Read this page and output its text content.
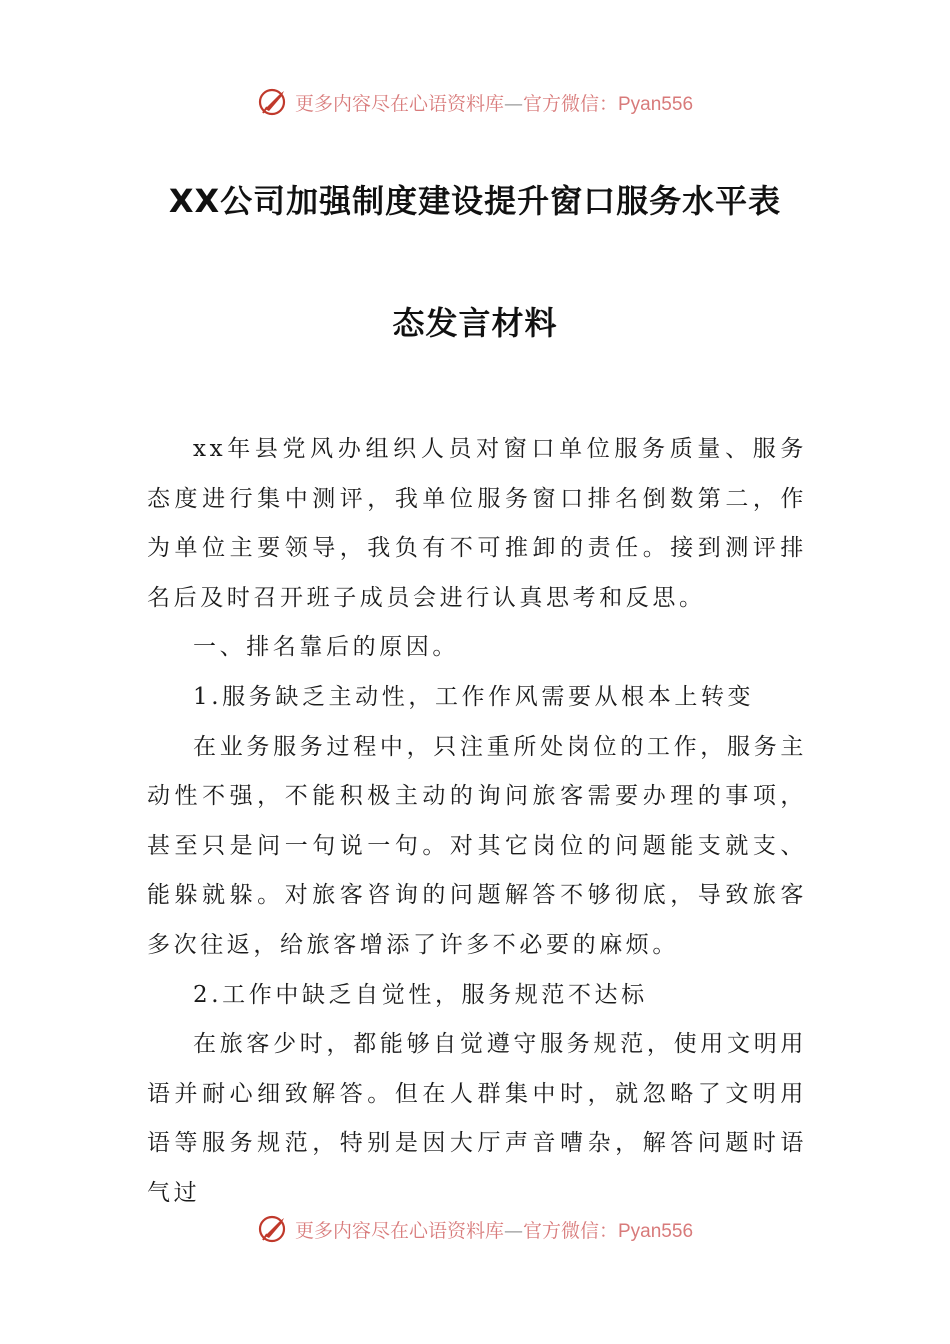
更多内容尽在心语资料库—官方微信：Pyan556
XX公司加强制度建设提升窗口服务水平表
态发言材料

xx年县党风办组织人员对窗口单位服务质量、服务态度进行集中测评，我单位服务窗口排名倒数第二，作为单位主要领导，我负有不可推卸的责任。接到测评排名后及时召开班子成员会进行认真思考和反思。

一、排名靠后的原因。

1.服务缺乏主动性，工作作风需要从根本上转变

在业务服务过程中，只注重所处岗位的工作，服务主动性不强，不能积极主动的询问旅客需要办理的事项，甚至只是问一句说一句。对其它岗位的问题能支就支、能躲就躲。对旅客咨询的问题解答不够彻底，导致旅客多次往返，给旅客增添了许多不必要的麻烦。

2.工作中缺乏自觉性，服务规范不达标

在旅客少时，都能够自觉遵守服务规范，使用文明用语并耐心细致解答。但在人群集中时，就忽略了文明用语等服务规范，特别是因大厅声音嘈杂，解答问题时语气过

更多内容尽在心语资料库—官方微信：Pyan556
